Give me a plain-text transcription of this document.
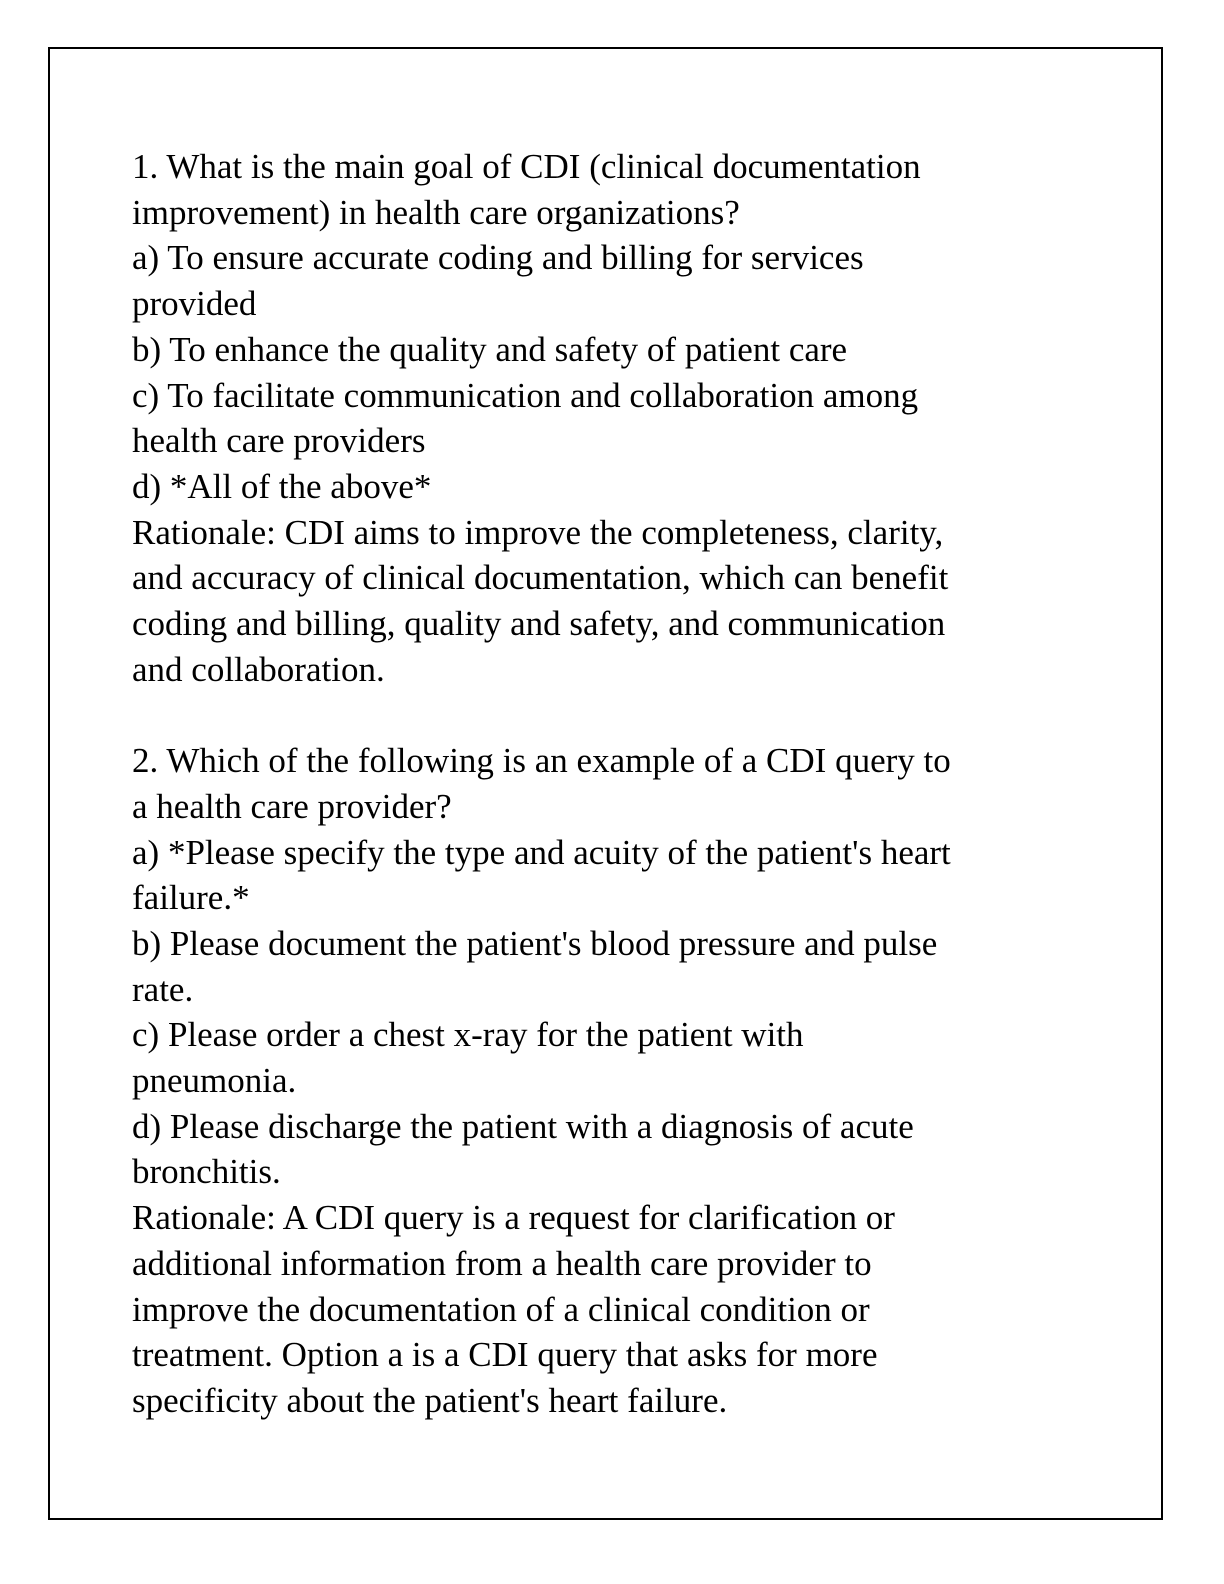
1. What is the main goal of CDI (clinical documentation
improvement) in health care organizations?
a) To ensure accurate coding and billing for services
provided
b) To enhance the quality and safety of patient care
c) To facilitate communication and collaboration among
health care providers
d) *All of the above*
Rationale: CDI aims to improve the completeness, clarity,
and accuracy of clinical documentation, which can benefit
coding and billing, quality and safety, and communication
and collaboration.
2. Which of the following is an example of a CDI query to
a health care provider?
a) *Please specify the type and acuity of the patient's heart
failure.*
b) Please document the patient's blood pressure and pulse
rate.
c) Please order a chest x-ray for the patient with
pneumonia.
d) Please discharge the patient with a diagnosis of acute
bronchitis.
Rationale: A CDI query is a request for clarification or
additional information from a health care provider to
improve the documentation of a clinical condition or
treatment. Option a is a CDI query that asks for more
specificity about the patient's heart failure.
